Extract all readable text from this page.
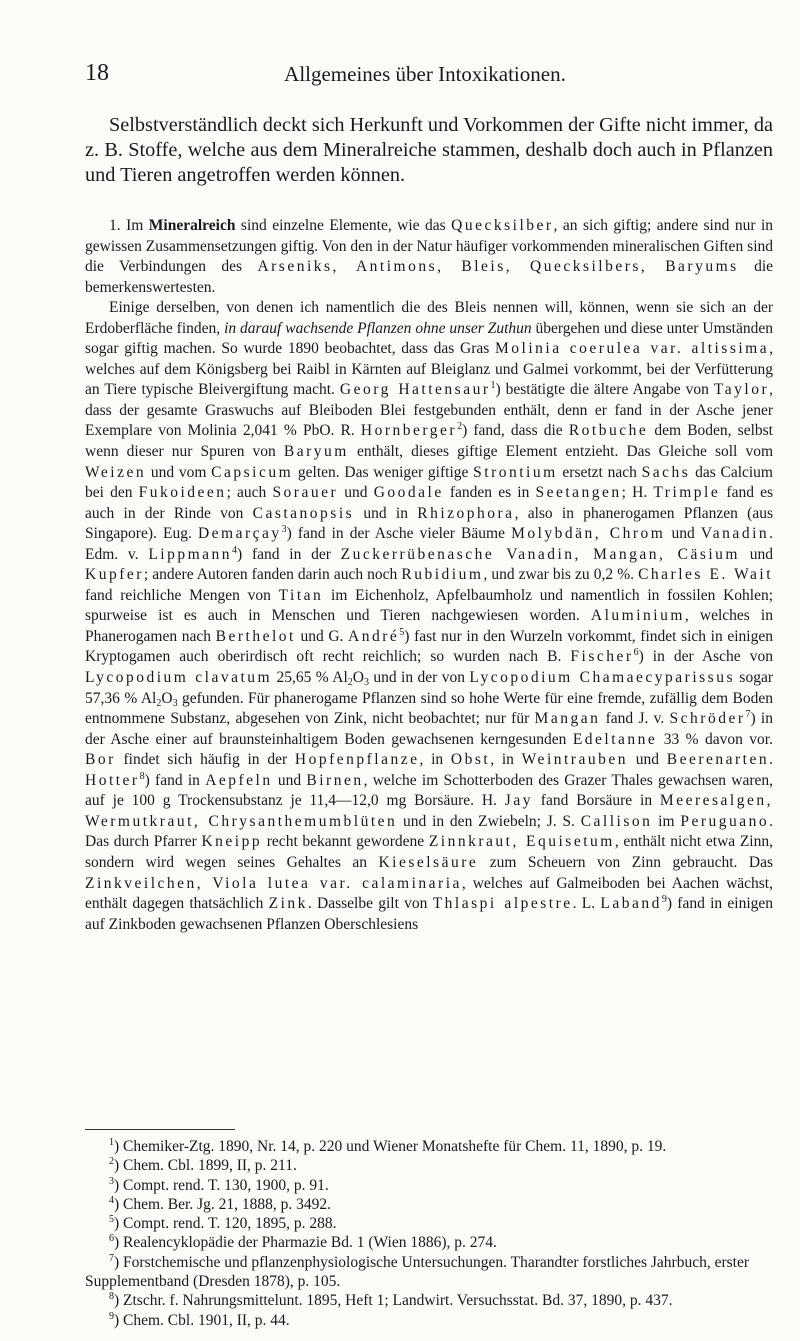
18	Allgemeines über Intoxikationen.

Selbstverständlich deckt sich Herkunft und Vorkommen der Gifte nicht immer, da z. B. Stoffe, welche aus dem Mineralreiche stammen, deshalb doch auch in Pflanzen und Tieren angetroffen werden können.

1. Im Mineralreich sind einzelne Elemente, wie das Quecksilber, an sich giftig; andere sind nur in gewissen Zusammensetzungen giftig. Von den in der Natur häufiger vorkommenden mineralischen Giften sind die Verbindungen des Arseniks, Antimons, Bleis, Quecksilbers, Baryums die bemerkenswertesten.

Einige derselben, von denen ich namentlich die des Bleis nennen will, können, wenn sie sich an der Erdoberfläche finden, in darauf wachsende Pflanzen ohne unser Zuthun übergehen und diese unter Umständen sogar giftig machen. So wurde 1890 beobachtet, dass das Gras Molinia coerulea var. altissima, welches auf dem Königsberg bei Raibl in Kärnten auf Bleiglanz und Galmei vorkommt, bei der Verfütterung an Tiere typische Bleivergiftung macht. Georg Hattensaur$^1$) bestätigte die ältere Angabe von Taylor, dass der gesamte Graswuchs auf Bleiboden Blei festgebunden enthält, denn er fand in der Asche jener Exemplare von Molinia 2,041 % PbO. R. Hornberger$^2$) fand, dass die Rotbuche dem Boden, selbst wenn dieser nur Spuren von Baryum enthält, dieses giftige Element entzieht. Das Gleiche soll vom Weizen und vom Capsicum gelten. Das weniger giftige Strontium ersetzt nach Sachs das Calcium bei den Fukoideen; auch Sorauer und Goodale fanden es in Seetangen; H. Trimple fand es auch in der Rinde von Castanopsis und in Rhizophora, also in phanerogamen Pflanzen (aus Singapore). Eug. Demarçay$^3$) fand in der Asche vieler Bäume Molybdän, Chrom und Vanadin. Edm. v. Lippmann$^4$) fand in der Zuckerrübenasche Vanadin, Mangan, Cäsium und Kupfer; andere Autoren fanden darin auch noch Rubidium, und zwar bis zu 0,2 %. Charles E. Wait fand reichliche Mengen von Titan im Eichenholz, Apfelbaumholz und namentlich in fossilen Kohlen; spurweise ist es auch in Menschen und Tieren nachgewiesen worden. Aluminium, welches in Phanerogamen nach Berthelot und G. André$^5$) fast nur in den Wurzeln vorkommt, findet sich in einigen Kryptogamen auch oberirdisch oft recht reichlich; so wurden nach B. Fischer$^6$) in der Asche von Lycopodium clavatum 25,65 % $Al_2O_3$ und in der von Lycopodium Chamaecyparissus sogar 57,36 % $Al_2O_3$ gefunden. Für phanerogame Pflanzen sind so hohe Werte für eine fremde, zufällig dem Boden entnommene Substanz, abgesehen von Zink, nicht beobachtet; nur für Mangan fand J. v. Schröder$^7$) in der Asche einer auf braunsteinhaltigem Boden gewachsenen kerngesunden Edeltanne 33 % davon vor. Bor findet sich häufig in der Hopfenpflanze, in Obst, in Weintrauben und Beerenarten. Hotter$^8$) fand in Aepfeln und Birnen, welche im Schotterboden des Grazer Thales gewachsen waren, auf je 100 g Trockensubstanz je 11,4—12,0 mg Borsäure. H. Jay fand Borsäure in Meeresalgen, Wermutkraut, Chrysanthemumblüten und in den Zwiebeln; J. S. Callison im Peruguano. Das durch Pfarrer Kneipp recht bekannt gewordene Zinnkraut, Equisetum, enthält nicht etwa Zinn, sondern wird wegen seines Gehaltes an Kieselsäure zum Scheuern von Zinn gebraucht. Das Zinkveilchen, Viola lutea var. calaminaria, welches auf Galmeiboden bei Aachen wächst, enthält dagegen thatsächlich Zink. Dasselbe gilt von Thlaspi alpestre. L. Laband$^9$) fand in einigen auf Zinkboden gewachsenen Pflanzen Oberschlesiens

$^1$) Chemiker-Ztg. 1890, Nr. 14, p. 220 und Wiener Monatshefte für Chem. 11, 1890, p. 19.

$^2$) Chem. Cbl. 1899, II, p. 211.

$^3$) Compt. rend. T. 130, 1900, p. 91.

$^4$) Chem. Ber. Jg. 21, 1888, p. 3492.

$^5$) Compt. rend. T. 120, 1895, p. 288.

$^6$) Realencyklopädie der Pharmazie Bd. 1 (Wien 1886), p. 274.

$^7$) Forstchemische und pflanzenphysiologische Untersuchungen. Tharandter forstliches Jahrbuch, erster Supplementband (Dresden 1878), p. 105.

$^8$) Ztschr. f. Nahrungsmittelunt. 1895, Heft 1; Landwirt. Versuchsstat. Bd. 37, 1890, p. 437.

$^9$) Chem. Cbl. 1901, II, p. 44.
